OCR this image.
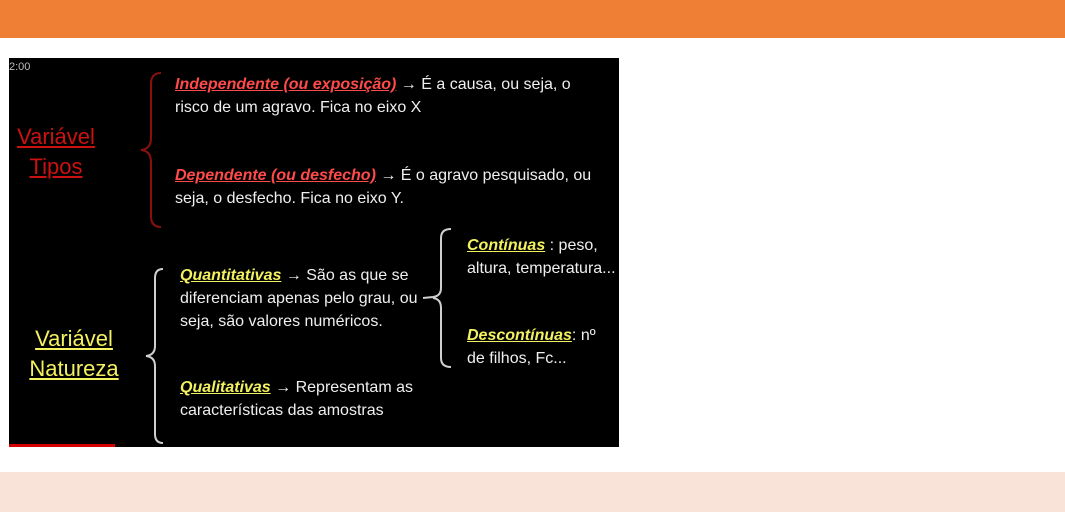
2:00
Variável
Tipos
Independente (ou exposição) → É a causa, ou seja, o risco de um agravo. Fica no eixo X
Dependente (ou desfecho) → É o agravo pesquisado, ou seja, o desfecho. Fica no eixo Y.
Variável
Natureza
Quantitativas → São as que se diferenciam apenas pelo grau, ou seja, são valores numéricos.
Qualitativas → Representam as características das amostras
Contínuas : peso, altura, temperatura...
Descontínuas: nº de filhos, Fc...
